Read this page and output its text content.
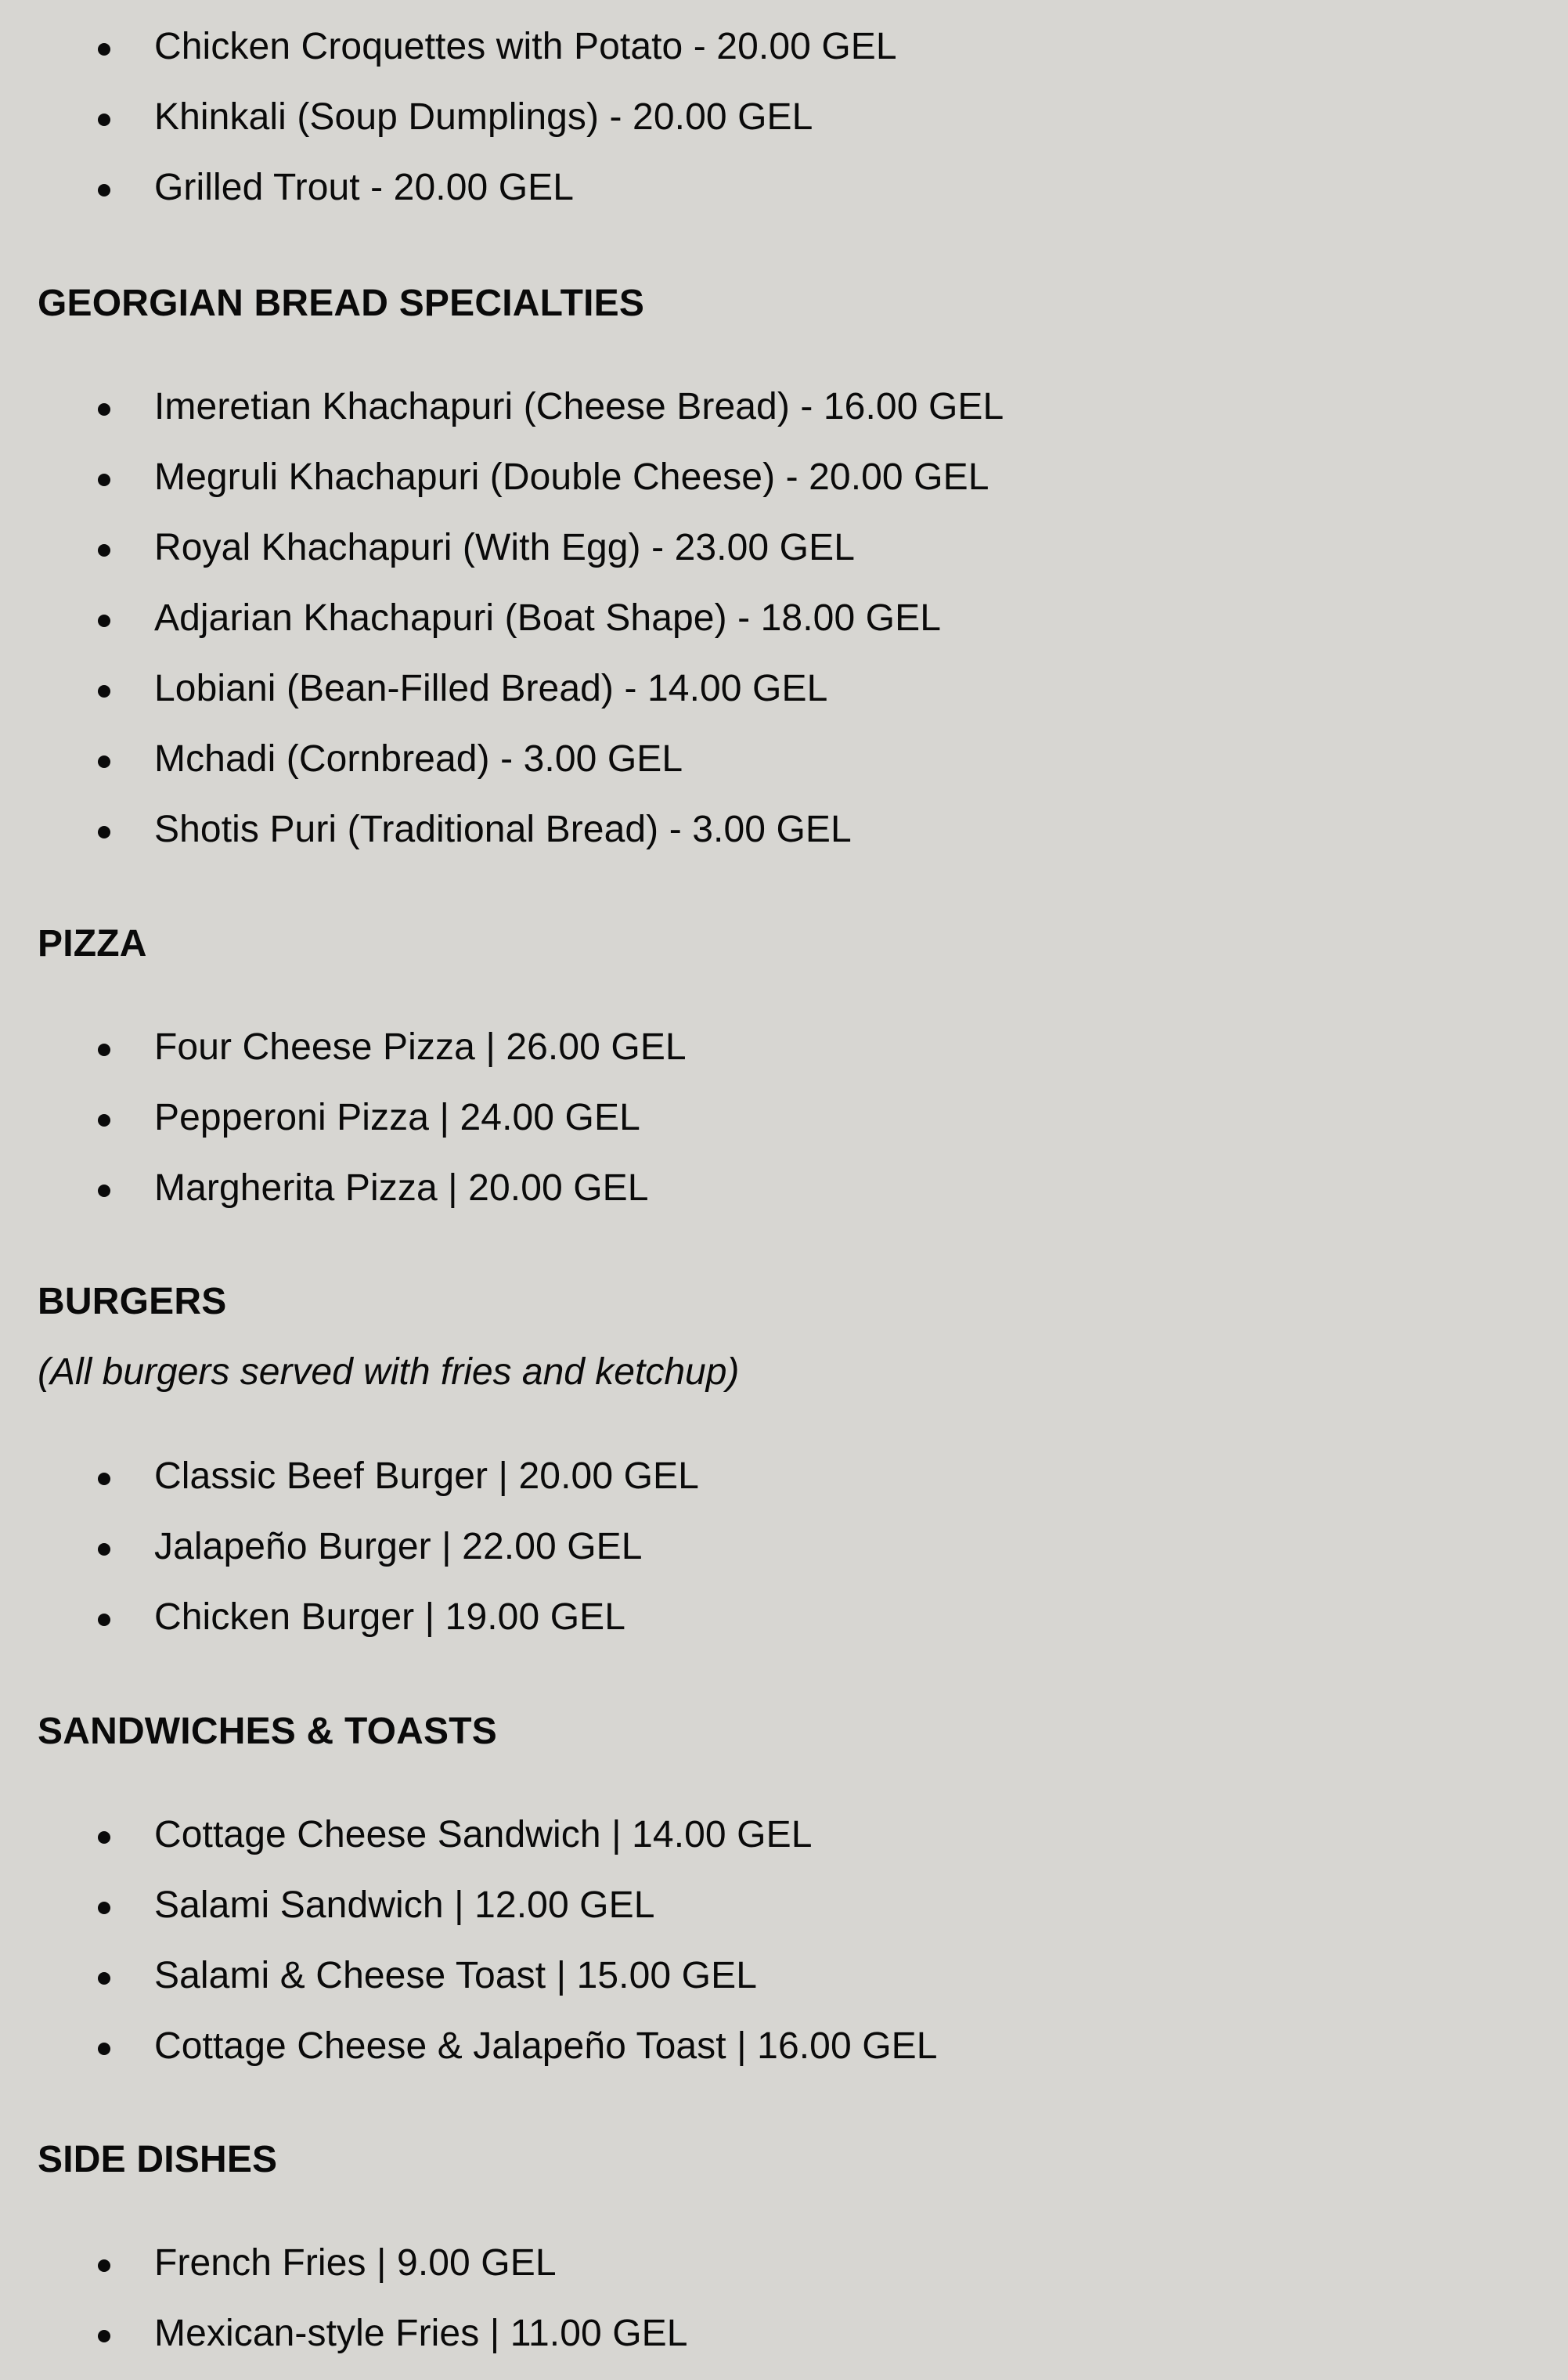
Chicken Croquettes with Potato - 20.00 GEL
Khinkali (Soup Dumplings) - 20.00 GEL
Grilled Trout - 20.00 GEL
GEORGIAN BREAD SPECIALTIES
Imeretian Khachapuri (Cheese Bread) - 16.00 GEL
Megruli Khachapuri (Double Cheese) - 20.00 GEL
Royal Khachapuri (With Egg) - 23.00 GEL
Adjarian Khachapuri (Boat Shape) - 18.00 GEL
Lobiani (Bean-Filled Bread) - 14.00 GEL
Mchadi (Cornbread) - 3.00 GEL
Shotis Puri (Traditional Bread) - 3.00 GEL
PIZZA
Four Cheese Pizza | 26.00 GEL
Pepperoni Pizza | 24.00 GEL
Margherita Pizza | 20.00 GEL
BURGERS

(All burgers served with fries and ketchup)

Classic Beef Burger | 20.00 GEL
Jalapeño Burger | 22.00 GEL
Chicken Burger | 19.00 GEL
SANDWICHES & TOASTS
Cottage Cheese Sandwich | 14.00 GEL
Salami Sandwich | 12.00 GEL
Salami & Cheese Toast | 15.00 GEL
Cottage Cheese & Jalapeño Toast | 16.00 GEL
SIDE DISHES
French Fries | 9.00 GEL
Mexican-style Fries | 11.00 GEL
